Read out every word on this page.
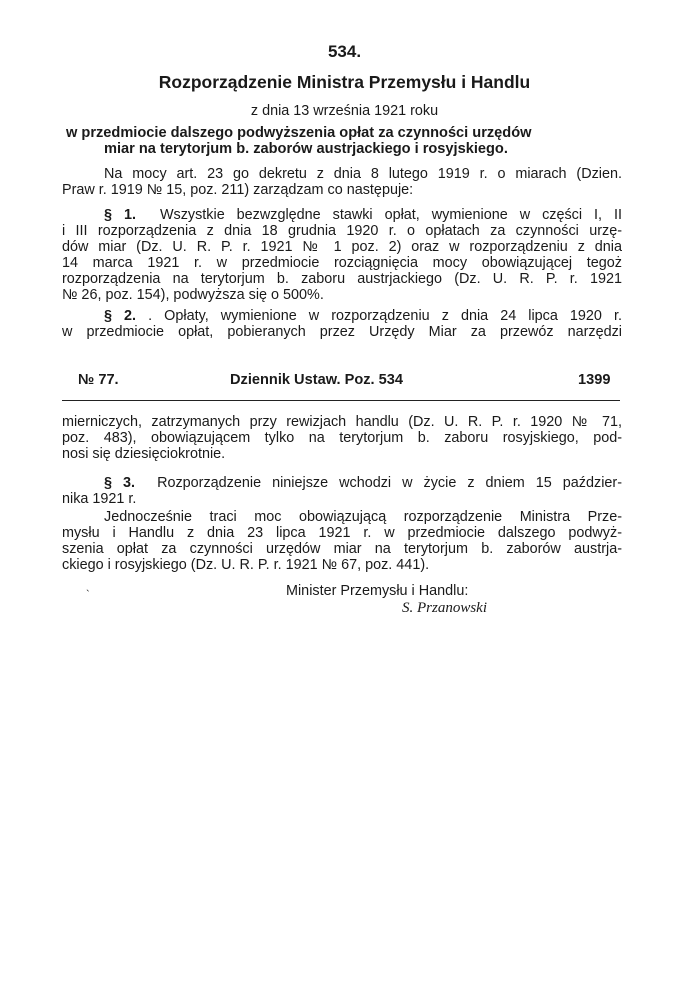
534.
Rozporządzenie Ministra Przemysłu i Handlu
z dnia 13 września 1921 roku
w przedmiocie dalszego podwyższenia opłat za czynności urzędów
miar na terytorjum b. zaborów austrjackiego i rosyjskiego.
Na mocy art. 23 go dekretu z dnia 8 lutego 1919 r. o miarach (Dzien.
Praw r. 1919 № 15, poz. 211) zarządzam co następuje:
§ 1. Wszystkie bezwzględne stawki opłat, wymienione w części I, II
i III rozporządzenia z dnia 18 grudnia 1920 r. o opłatach za czynności urzę-
dów miar (Dz. U. R. P. r. 1921 № 1 poz. 2) oraz w rozporządzeniu z dnia
14 marca 1921 r. w przedmiocie rozciągnięcia mocy obowiązującej tegoż
rozporządzenia na terytorjum b. zaboru austrjackiego (Dz. U. R. P. r. 1921
№ 26, poz. 154), podwyższa się o 500%.
§ 2. . Opłaty, wymienione w rozporządzeniu z dnia 24 lipca 1920 r.
w przedmiocie opłat, pobieranych przez Urzędy Miar za przewóz narzędzi
№ 77.	Dziennik Ustaw. Poz. 534	1399
mierniczych, zatrzymanych przy rewizjach handlu (Dz. U. R. P. r. 1920 № 71,
poz. 483), obowiązującem tylko na terytorjum b. zaboru rosyjskiego, pod-
nosi się dziesięciokrotnie.
§ 3. Rozporządzenie niniejsze wchodzi w życie z dniem 15 paździer-
nika 1921 r.
Jednocześnie traci moc obowiązującą rozporządzenie Ministra Prze-
mysłu i Handlu z dnia 23 lipca 1921 r. w przedmiocie dalszego podwyż-
szenia opłat za czynności urzędów miar na terytorjum b. zaborów austrja-
ckiego i rosyjskiego (Dz. U. R. P. r. 1921 № 67, poz. 441).
`	Minister Przemysłu i Handlu:
S. Przanowski
